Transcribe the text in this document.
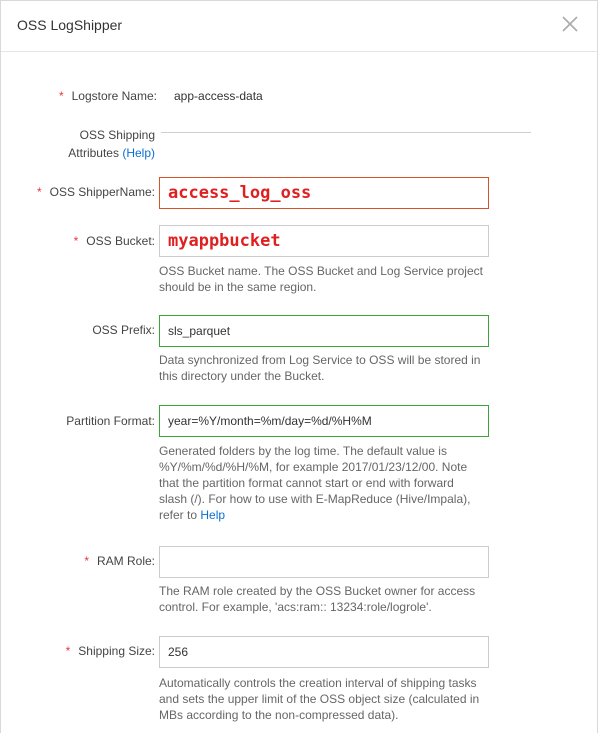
OSS LogShipper
* Logstore Name: app-access-data
OSS Shipping
Attributes (Help)
* OSS ShipperName:
access_log_oss
* OSS Bucket:
myappbucket
OSS Bucket name. The OSS Bucket and Log Service project
should be in the same region.
OSS Prefix:
sls_parquet
Data synchronized from Log Service to OSS will be stored in
this directory under the Bucket.
Partition Format:
year=%Y/month=%m/day=%d/%H%M
Generated folders by the log time. The default value is
%Y/%m/%d/%H/%M, for example 2017/01/23/12/00. Note
that the partition format cannot start or end with forward
slash (/). For how to use with E-MapReduce (Hive/Impala),
refer to Help
* RAM Role:
The RAM role created by the OSS Bucket owner for access
control. For example, 'acs:ram:: 13234:role/logrole'.
* Shipping Size:
256
Automatically controls the creation interval of shipping tasks
and sets the upper limit of the OSS object size (calculated in
MBs according to the non-compressed data).
